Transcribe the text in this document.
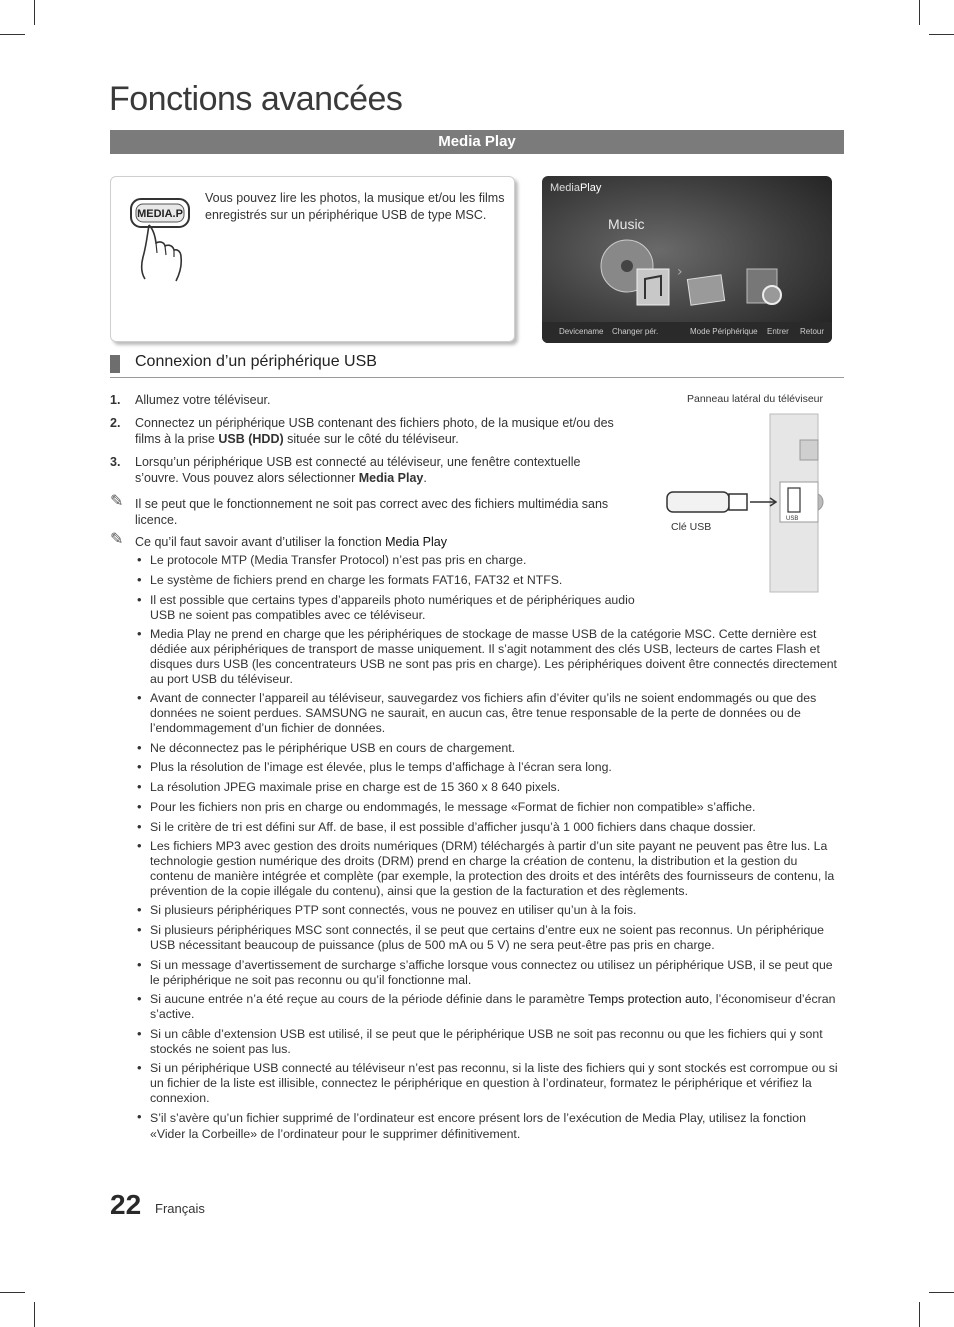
Fonctions avancées
Media Play
MEDIA.P
Vous pouvez lire les photos, la musique et/ou les films enregistrés sur un périphérique USB de type MSC.
MediaPlay
Music
›
Devicename Changer pér.	Mode Périphérique Entrer Retour
Connexion d’un périphérique USB
1. Allumez votre téléviseur.
2. Connectez un périphérique USB contenant des fichiers photo, de la musique et/ou des films à la prise USB (HDD) située sur le côté du téléviseur.
3. Lorsqu’un périphérique USB est connecté au téléviseur, une fenêtre contextuelle s’ouvre. Vous pouvez alors sélectionner Media Play.
✎ Il se peut que le fonctionnement ne soit pas correct avec des fichiers multimédia sans licence.
✎ Ce qu’il faut savoir avant d’utiliser la fonction Media Play
Panneau latéral du téléviseur
USB
Clé USB
• Le protocole MTP (Media Transfer Protocol) n’est pas pris en charge.
• Le système de fichiers prend en charge les formats FAT16, FAT32 et NTFS.
• Il est possible que certains types d’appareils photo numériques et de périphériques audio USB ne soient pas compatibles avec ce téléviseur.
• Media Play ne prend en charge que les périphériques de stockage de masse USB de la catégorie MSC. Cette dernière est dédiée aux périphériques de transport de masse uniquement. Il s’agit notamment des clés USB, lecteurs de cartes Flash et disques durs USB (les concentrateurs USB ne sont pas pris en charge). Les périphériques doivent être connectés directement au port USB du téléviseur.
• Avant de connecter l’appareil au téléviseur, sauvegardez vos fichiers afin d’éviter qu’ils ne soient endommagés ou que des données ne soient perdues. SAMSUNG ne saurait, en aucun cas, être tenue responsable de la perte de données ou de l’endommagement d’un fichier de données.
• Ne déconnectez pas le périphérique USB en cours de chargement.
• Plus la résolution de l’image est élevée, plus le temps d’affichage à l’écran sera long.
• La résolution JPEG maximale prise en charge est de 15 360 x 8 640 pixels.
• Pour les fichiers non pris en charge ou endommagés, le message «Format de fichier non compatible» s’affiche.
• Si le critère de tri est défini sur Aff. de base, il est possible d’afficher jusqu’à 1 000 fichiers dans chaque dossier.
• Les fichiers MP3 avec gestion des droits numériques (DRM) téléchargés à partir d’un site payant ne peuvent pas être lus. La technologie gestion numérique des droits (DRM) prend en charge la création de contenu, la distribution et la gestion du contenu de manière intégrée et complète (par exemple, la protection des droits et des intérêts des fournisseurs de contenu, la prévention de la copie illégale du contenu), ainsi que la gestion de la facturation et des règlements.
• Si plusieurs périphériques PTP sont connectés, vous ne pouvez en utiliser qu’un à la fois.
• Si plusieurs périphériques MSC sont connectés, il se peut que certains d’entre eux ne soient pas reconnus. Un périphérique USB nécessitant beaucoup de puissance (plus de 500 mA ou 5 V) ne sera peut-être pas pris en charge.
• Si un message d’avertissement de surcharge s’affiche lorsque vous connectez ou utilisez un périphérique USB, il se peut que le périphérique ne soit pas reconnu ou qu’il fonctionne mal.
• Si aucune entrée n’a été reçue au cours de la période définie dans le paramètre Temps protection auto, l’économiseur d’écran s’active.
• Si un câble d’extension USB est utilisé, il se peut que le périphérique USB ne soit pas reconnu ou que les fichiers qui y sont stockés ne soient pas lus.
• Si un périphérique USB connecté au téléviseur n’est pas reconnu, si la liste des fichiers qui y sont stockés est corrompue ou si un fichier de la liste est illisible, connectez le périphérique en question à l’ordinateur, formatez le périphérique et vérifiez la connexion.
• S’il s’avère qu’un fichier supprimé de l’ordinateur est encore présent lors de l’exécution de Media Play, utilisez la fonction «Vider la Corbeille» de l’ordinateur pour le supprimer définitivement.
22 Français
